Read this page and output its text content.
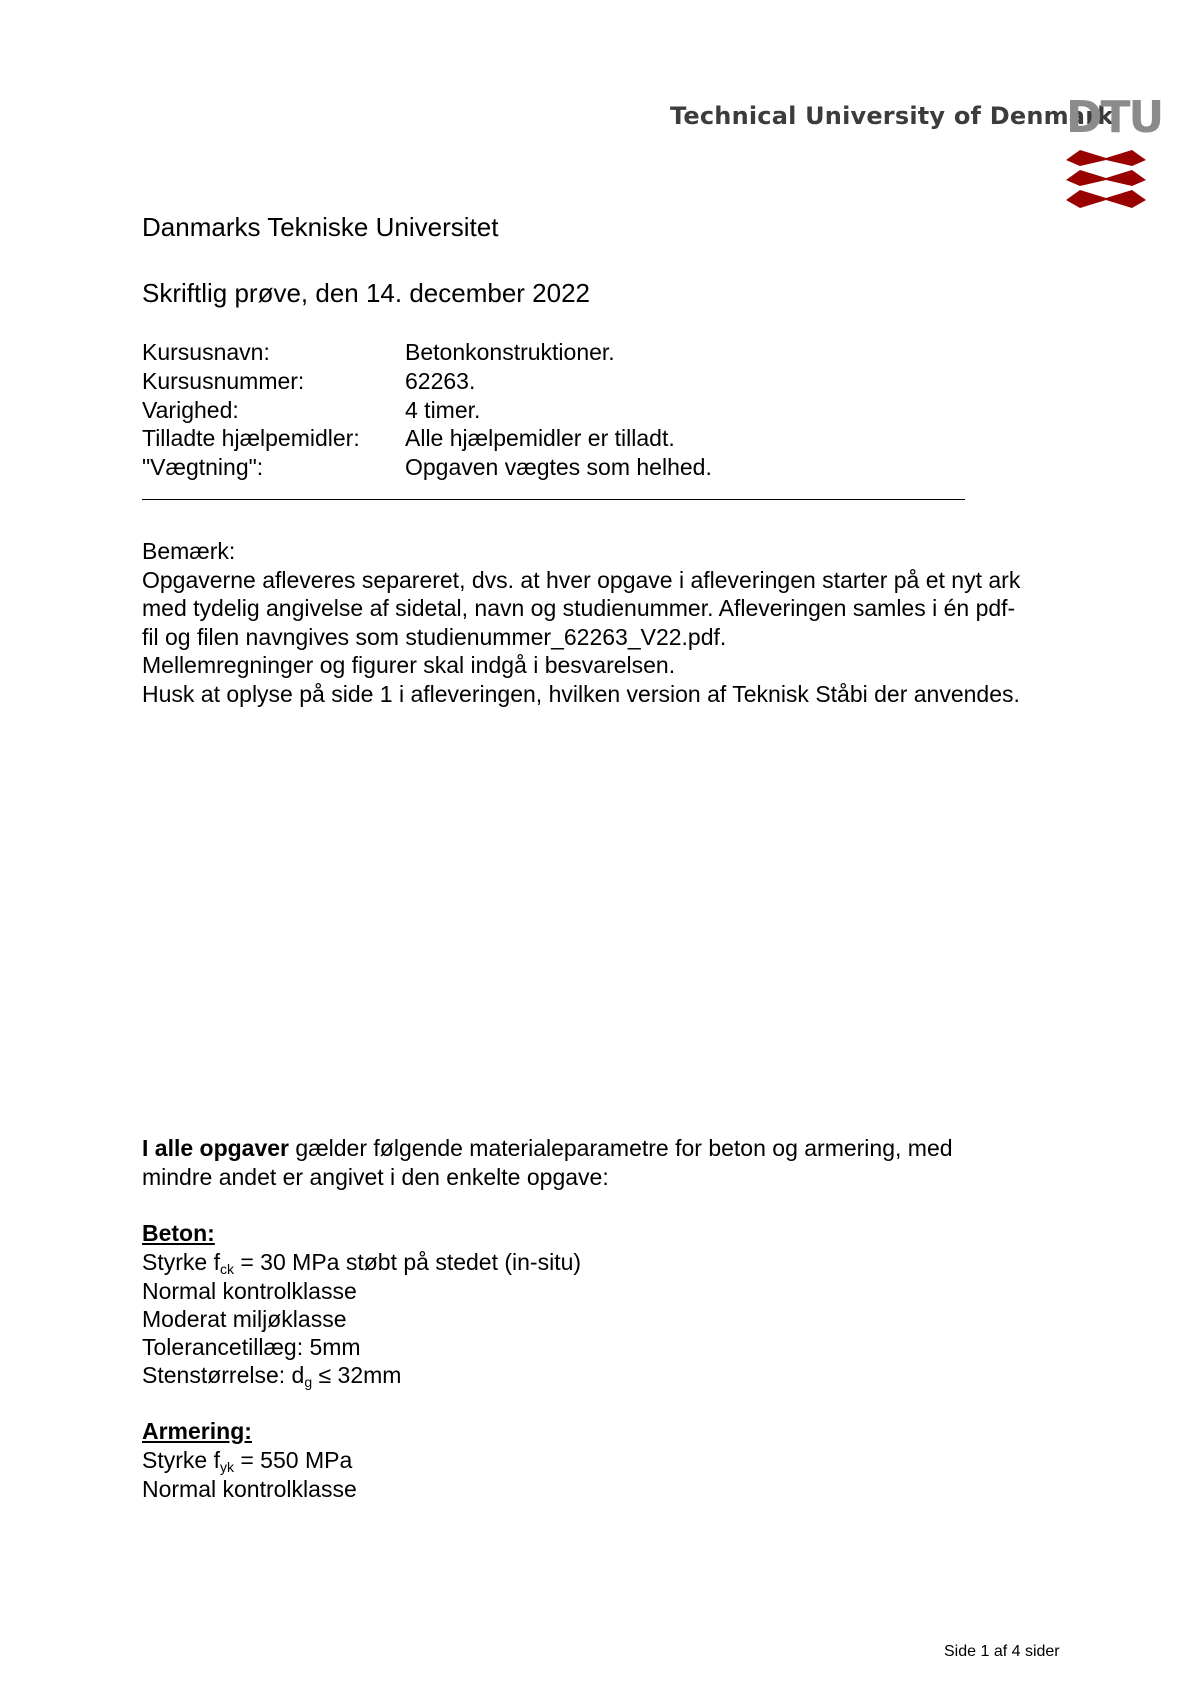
Technical University of Denmark
DTU
Danmarks Tekniske Universitet
Skriftlig prøve, den 14. december 2022
Kursusnavn:	Betonkonstruktioner.
Kursusnummer:	62263.
Varighed:	4 timer.
Tilladte hjælpemidler:	Alle hjælpemidler er tilladt.
"Vægtning":	Opgaven vægtes som helhed.
Bemærk:
Opgaverne afleveres separeret, dvs. at hver opgave i afleveringen starter på et nyt ark
med tydelig angivelse af sidetal, navn og studienummer. Afleveringen samles i én pdf-
fil og filen navngives som studienummer_62263_V22.pdf.
Mellemregninger og figurer skal indgå i besvarelsen.
Husk at oplyse på side 1 i afleveringen, hvilken version af Teknisk Ståbi der anvendes.
I alle opgaver gælder følgende materialeparametre for beton og armering, med
mindre andet er angivet i den enkelte opgave:
Beton:
Styrke $f_{ck} = 30$ MPa støbt på stedet (in-situ)
Normal kontrolklasse
Moderat miljøklasse
Tolerancetillæg: 5mm
Stenstørrelse: $d_g \le 32mm$
Armering:
Styrke $f_{yk} = 550$ MPa
Normal kontrolklasse
Side 1 af 4 sider
